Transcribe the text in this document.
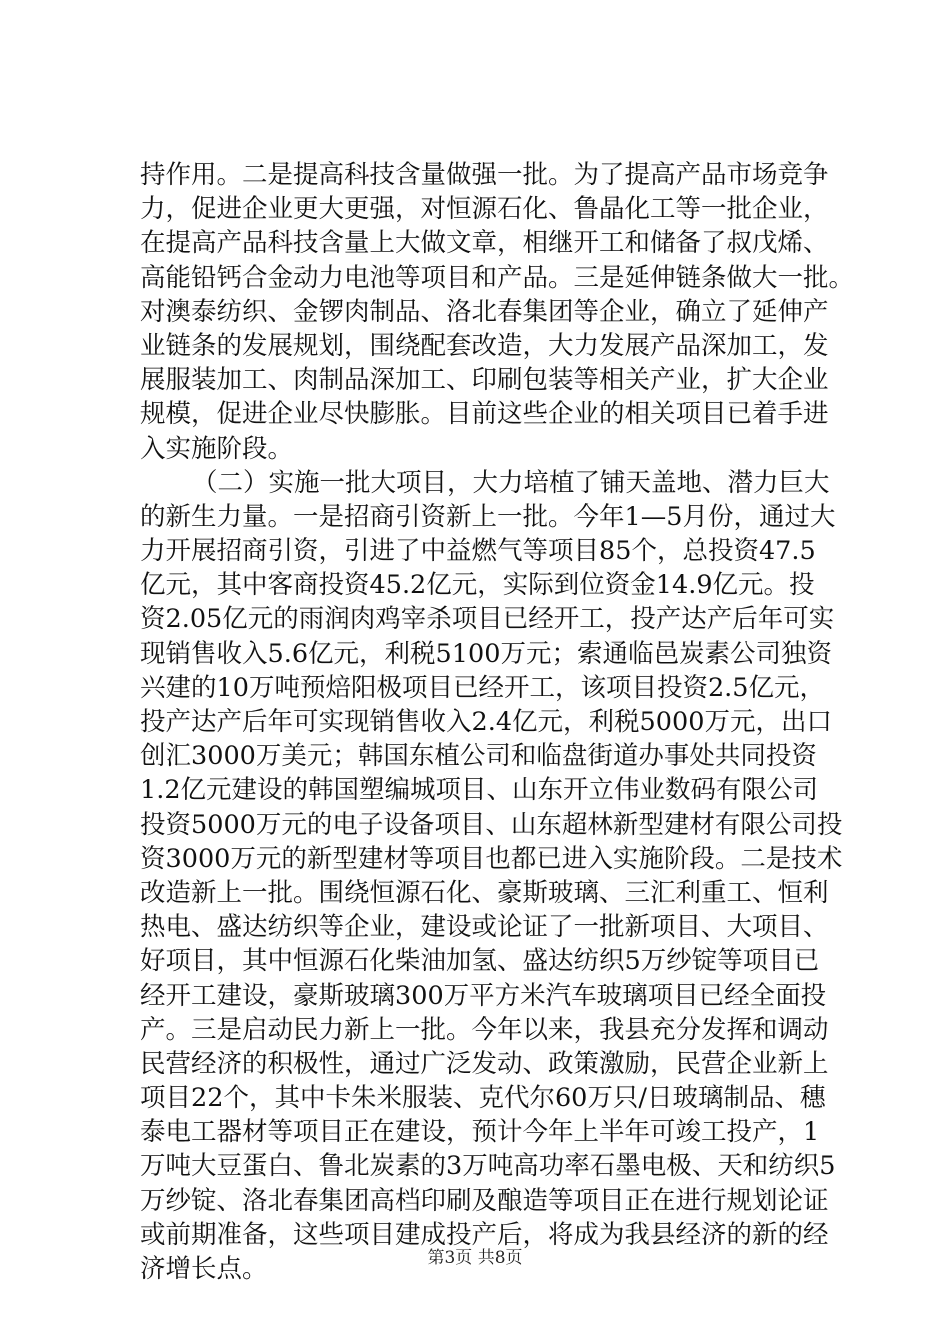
持作用。二是提高科技含量做强一批。为了提高产品市场竞争
力，促进企业更大更强，对恒源石化、鲁晶化工等一批企业，
在提高产品科技含量上大做文章，相继开工和储备了叔戊烯、
高能铅钙合金动力电池等项目和产品。三是延伸链条做大一批。
对澳泰纺织、金锣肉制品、洛北春集团等企业，确立了延伸产
业链条的发展规划，围绕配套改造，大力发展产品深加工，发
展服装加工、肉制品深加工、印刷包装等相关产业，扩大企业
规模，促进企业尽快膨胀。目前这些企业的相关项目已着手进
入实施阶段。
（二）实施一批大项目，大力培植了铺天盖地、潜力巨大
的新生力量。一是招商引资新上一批。今年1—5月份，通过大
力开展招商引资，引进了中益燃气等项目85个，总投资47.5
亿元，其中客商投资45.2亿元，实际到位资金14.9亿元。投
资2.05亿元的雨润肉鸡宰杀项目已经开工，投产达产后年可实
现销售收入5.6亿元，利税5100万元；索通临邑炭素公司独资
兴建的10万吨预焙阳极项目已经开工，该项目投资2.5亿元，
投产达产后年可实现销售收入2.4亿元，利税5000万元，出口
创汇3000万美元；韩国东植公司和临盘街道办事处共同投资
1.2亿元建设的韩国塑编城项目、山东开立伟业数码有限公司
投资5000万元的电子设备项目、山东超林新型建材有限公司投
资3000万元的新型建材等项目也都已进入实施阶段。二是技术
改造新上一批。围绕恒源石化、豪斯玻璃、三汇利重工、恒利
热电、盛达纺织等企业，建设或论证了一批新项目、大项目、
好项目，其中恒源石化柴油加氢、盛达纺织5万纱锭等项目已
经开工建设，豪斯玻璃300万平方米汽车玻璃项目已经全面投
产。三是启动民力新上一批。今年以来，我县充分发挥和调动
民营经济的积极性，通过广泛发动、政策激励，民营企业新上
项目22个，其中卡朱米服装、克代尔60万只/日玻璃制品、穗
泰电工器材等项目正在建设，预计今年上半年可竣工投产，1
万吨大豆蛋白、鲁北炭素的3万吨高功率石墨电极、天和纺织5
万纱锭、洛北春集团高档印刷及酿造等项目正在进行规划论证
或前期准备，这些项目建成投产后，将成为我县经济的新的经
济增长点。	第3页 共8页
